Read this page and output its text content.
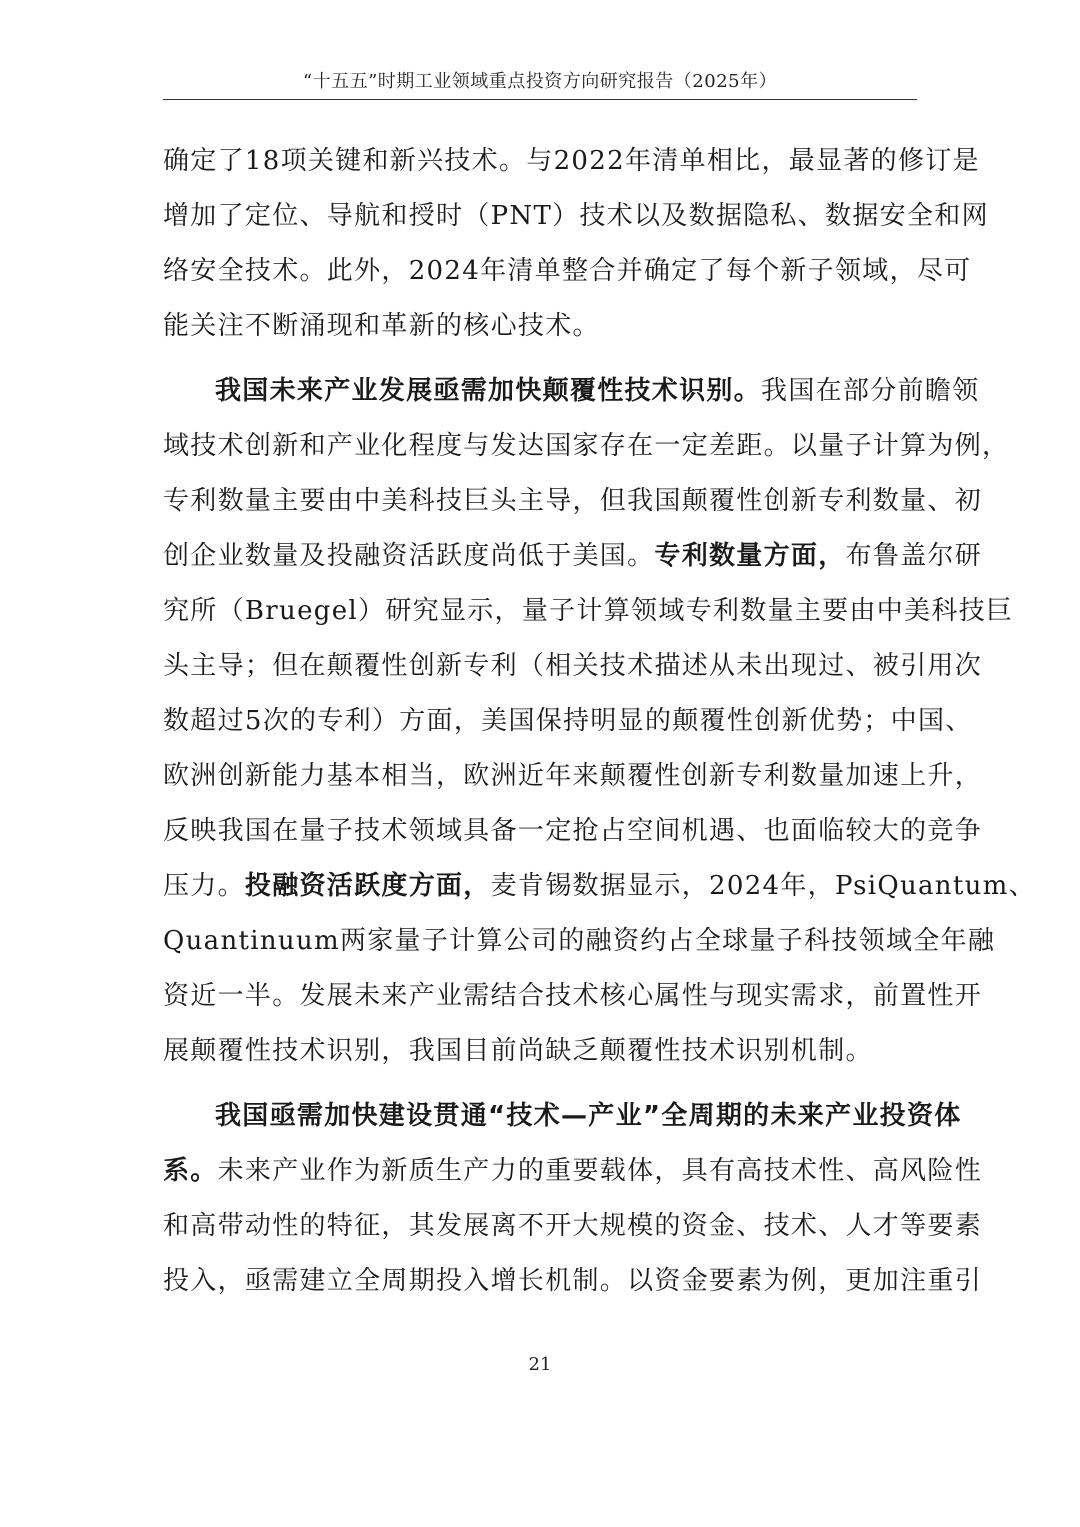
“十五五”时期工业领域重点投资方向研究报告（2025年）

确定了18项关键和新兴技术。与2022年清单相比，最显著的修订是
增加了定位、导航和授时（PNT）技术以及数据隐私、数据安全和网
络安全技术。此外，2024年清单整合并确定了每个新子领域，尽可
能关注不断涌现和革新的核心技术。

我国未来产业发展亟需加快颠覆性技术识别。我国在部分前瞻领
域技术创新和产业化程度与发达国家存在一定差距。以量子计算为例，
专利数量主要由中美科技巨头主导，但我国颠覆性创新专利数量、初
创企业数量及投融资活跃度尚低于美国。专利数量方面，布鲁盖尔研
究所（Bruegel）研究显示，量子计算领域专利数量主要由中美科技巨
头主导；但在颠覆性创新专利（相关技术描述从未出现过、被引用次
数超过5次的专利）方面，美国保持明显的颠覆性创新优势；中国、
欧洲创新能力基本相当，欧洲近年来颠覆性创新专利数量加速上升，
反映我国在量子技术领域具备一定抢占空间机遇、也面临较大的竞争
压力。投融资活跃度方面，麦肯锡数据显示，2024年，PsiQuantum、
Quantinuum两家量子计算公司的融资约占全球量子科技领域全年融
资近一半。发展未来产业需结合技术核心属性与现实需求，前置性开
展颠覆性技术识别，我国目前尚缺乏颠覆性技术识别机制。

我国亟需加快建设贯通“技术—产业”全周期的未来产业投资体
系。未来产业作为新质生产力的重要载体，具有高技术性、高风险性
和高带动性的特征，其发展离不开大规模的资金、技术、人才等要素
投入，亟需建立全周期投入增长机制。以资金要素为例，更加注重引

21
